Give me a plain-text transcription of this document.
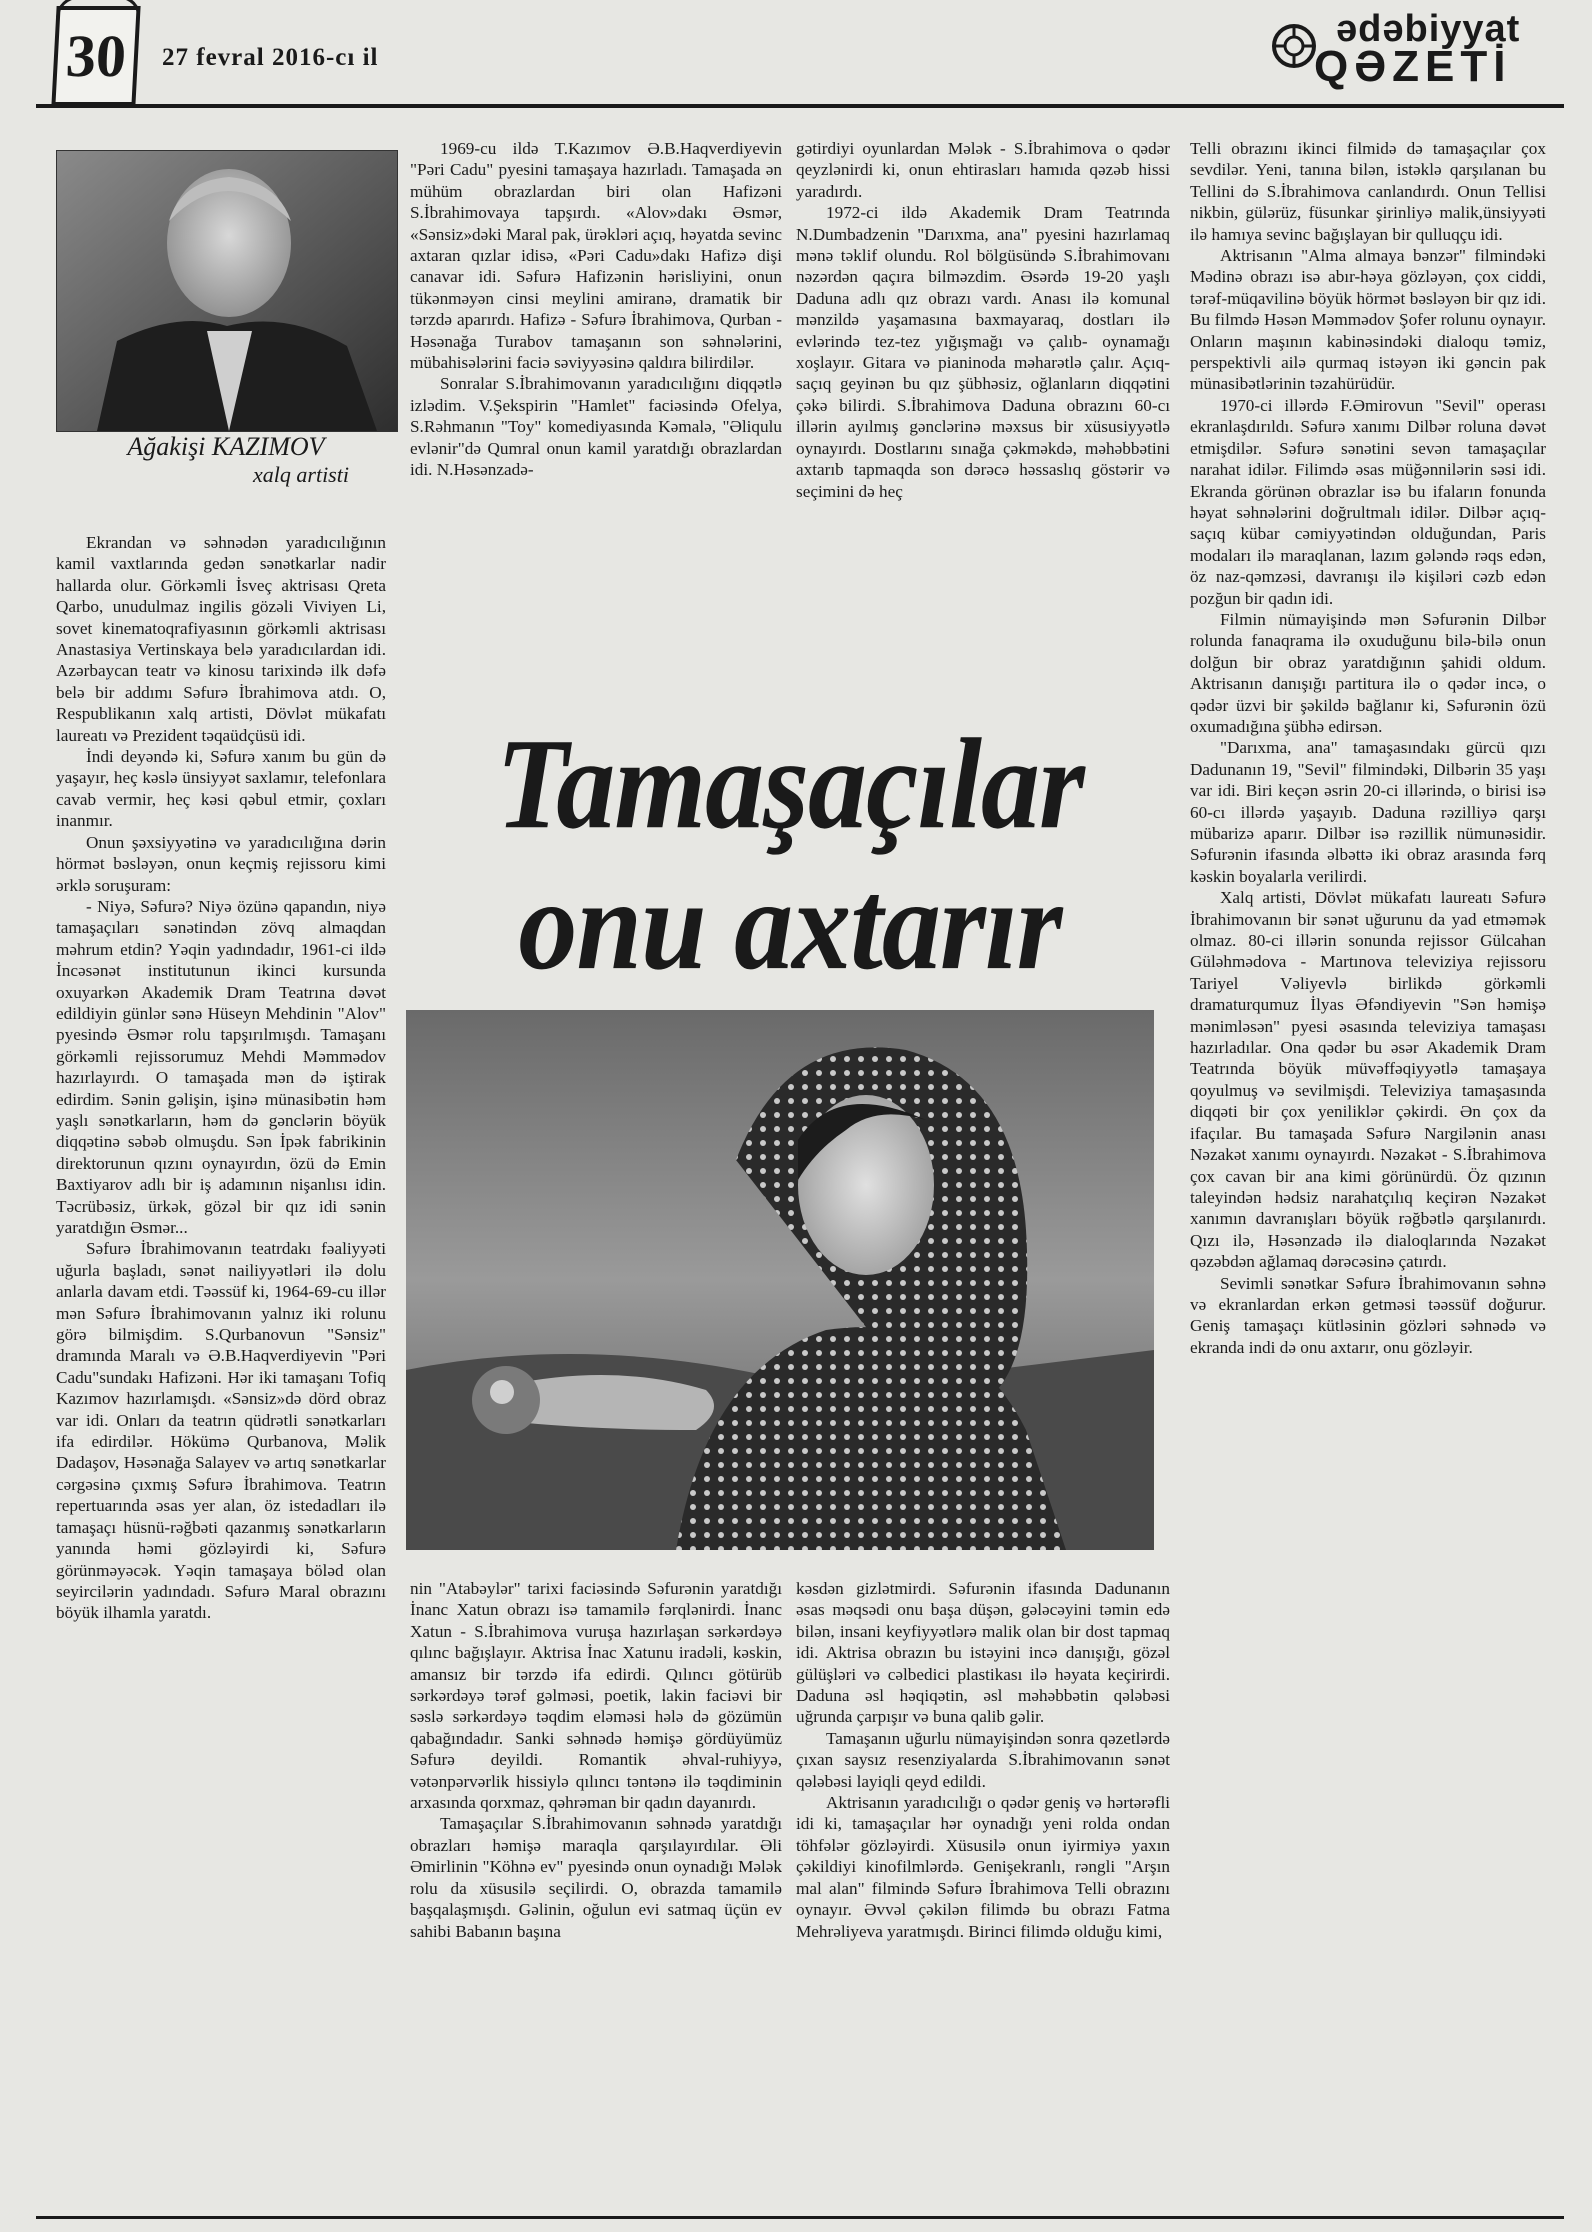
30	27 fevral 2016-cı il
ədəbiyyat
QƏZETİ
Ağakişi KAZIMOV
xalq artisti

Ekrandan və səhnədən yaradıcılığının kamil vaxtlarında gedən sənətkarlar nadir hallarda olur. Görkəmli İsveç aktrisası Qreta Qarbo, unudulmaz ingilis gözəli Viviyen Li, sovet kinematoqrafiyasının görkəmli aktrisası Anastasiya Vertinskaya belə yaradıcılardan idi. Azərbaycan teatr və kinosu tarixində ilk dəfə belə bir addımı Səfurə İbrahimova atdı. O, Respublikanın xalq artisti, Dövlət mükafatı laureatı və Prezident təqaüdçüsü idi.

İndi deyəndə ki, Səfurə xanım bu gün də yaşayır, heç kəslə ünsiyyət saxlamır, telefonlara cavab vermir, heç kəsi qəbul etmir, çoxları inanmır.

Onun şəxsiyyətinə və yaradıcılığına dərin hörmət bəsləyən, onun keçmiş rejissoru kimi ərklə soruşuram:

- Niyə, Səfurə? Niyə özünə qapandın, niyə tamaşaçıları sənətindən zövq almaqdan məhrum etdin? Yəqin yadındadır, 1961-ci ildə İncəsənət institutunun ikinci kursunda oxuyarkən Akademik Dram Teatrına dəvət edildiyin günlər sənə Hüseyn Mehdinin "Alov" pyesində Əsmər rolu tapşırılmışdı. Tamaşanı görkəmli rejissorumuz Mehdi Məmmədov hazırlayırdı. O tamaşada mən də iştirak edirdim. Sənin gəlişin, işinə münasibətin həm yaşlı sənətkarların, həm də gənclərin böyük diqqətinə səbəb olmuşdu. Sən İpək fabrikinin direktorunun qızını oynayırdın, özü də Emin Baxtiyarov adlı bir iş adamının nişanlısı idin. Təcrübəsiz, ürkək, gözəl bir qız idi sənin yaratdığın Əsmər...

Səfurə İbrahimovanın teatrdakı fəaliyyəti uğurla başladı, sənət nailiyyətləri ilə dolu anlarla davam etdi. Təəssüf ki, 1964-69-cu illər mən Səfurə İbrahimovanın yalnız iki rolunu görə bilmişdim. S.Qurbanovun "Sənsiz" dramında Maralı və Ə.B.Haqverdiyevin "Pəri Cadu"sundakı Hafizəni. Hər iki tamaşanı Tofiq Kazımov hazırlamışdı. «Sənsiz»də dörd obraz var idi. Onları da teatrın qüdrətli sənətkarları ifa edirdilər. Hökümə Qurbanova, Məlik Dadaşov, Həsənağa Salayev və artıq sənətkarlar cərgəsinə çıxmış Səfurə İbrahimova. Teatrın repertuarında əsas yer alan, öz istedadları ilə tamaşaçı hüsnü-rəğbəti qazanmış sənətkarların yanında həmi gözləyirdi ki, Səfurə görünməyəcək. Yəqin tamaşaya böləd olan seyircilərin yadındadı. Səfurə Maral obrazını böyük ilhamla yaratdı.

1969-cu ildə T.Kazımov Ə.B.Haqverdiyevin "Pəri Cadu" pyesini tamaşaya hazırladı. Tamaşada ən mühüm obrazlardan biri olan Hafizəni S.İbrahimovaya tapşırdı. «Alov»dakı Əsmər, «Sənsiz»dəki Maral pak, ürəkləri açıq, həyatda sevinc axtaran qızlar idisə, «Pəri Cadu»dakı Hafizə dişi canavar idi. Səfurə Hafizənin hərisliyini, onun tükənməyən cinsi meylini amiranə, dramatik bir tərzdə aparırdı. Hafizə - Səfurə İbrahimova, Qurban - Həsənağa Turabov tamaşanın son səhnələrini, mübahisələrini faciə səviyyəsinə qaldıra bilirdilər.

Sonralar S.İbrahimovanın yaradıcılığını diqqətlə izlədim. V.Şekspirin "Hamlet" faciəsində Ofelya, S.Rəhmanın "Toy" komediyasında Kəmalə, "Əliqulu evlənir"də Qumral onun kamil yaratdığı obrazlardan idi. N.Həsənzadə-

gətirdiyi oyunlardan Mələk - S.İbrahimova o qədər qeyzlənirdi ki, onun ehtirasları hamıda qəzəb hissi yaradırdı.

1972-ci ildə Akademik Dram Teatrında N.Dumbadzenin "Darıxma, ana" pyesini hazırlamaq mənə təklif olundu. Rol bölgüsündə S.İbrahimovanı nəzərdən qaçıra bilməzdim. Əsərdə 19-20 yaşlı Daduna adlı qız obrazı vardı. Anası ilə komunal mənzildə yaşamasına baxmayaraq, dostları ilə evlərində tez-tez yığışmağı və çalıb- oynamağı xoşlayır. Gitara və pianinoda məharətlə çalır. Açıq-saçıq geyinən bu qız şübhəsiz, oğlanların diqqətini çəkə bilirdi. S.İbrahimova Daduna obrazını 60-cı illərin ayılmış gənclərinə məxsus bir xüsusiyyətlə oynayırdı. Dostlarını sınağa çəkməkdə, məhəbbətini axtarıb tapmaqda son dərəcə həssaslıq göstərir və seçimini də heç

Tamaşaçılar
onu axtarır

nin "Atabəylər" tarixi faciəsində Səfurənin yaratdığı İnanc Xatun obrazı isə tamamilə fərqlənirdi. İnanc Xatun - S.İbrahimova vuruşa hazırlaşan sərkərdəyə qılınc bağışlayır. Aktrisa İnac Xatunu iradəli, kəskin, amansız bir tərzdə ifa edirdi. Qılıncı götürüb sərkərdəyə tərəf gəlməsi, poetik, lakin faciəvi bir səslə sərkərdəyə təqdim eləməsi hələ də gözümün qabağındadır. Sanki səhnədə həmişə gördüyümüz Səfurə deyildi. Romantik əhval-ruhiyyə, vətənpərvərlik hissiylə qılıncı təntənə ilə təqdiminin arxasında qorxmaz, qəhrəman bir qadın dayanırdı.

Tamaşaçılar S.İbrahimovanın səhnədə yaratdığı obrazları həmişə maraqla qarşılayırdılar. Əli Əmirlinin "Köhnə ev" pyesində onun oynadığı Mələk rolu da xüsusilə seçilirdi. O, obrazda tamamilə başqalaşmışdı. Gəlinin, oğulun evi satmaq üçün ev sahibi Babanın başına

kəsdən gizlətmirdi. Səfurənin ifasında Dadunanın əsas məqsədi onu başa düşən, gələcəyini təmin edə bilən, insani keyfiyyətlərə malik olan bir dost tapmaq idi. Aktrisa obrazın bu istəyini incə danışığı, gözəl gülüşləri və cəlbedici plastikası ilə həyata keçirirdi. Daduna əsl həqiqətin, əsl məhəbbətin qələbəsi uğrunda çarpışır və buna qalib gəlir.

Tamaşanın uğurlu nümayişindən sonra qəzetlərdə çıxan saysız resenziyalarda S.İbrahimovanın sənət qələbəsi layiqli qeyd edildi.

Aktrisanın yaradıcılığı o qədər geniş və hərtərəfli idi ki, tamaşaçılar hər oynadığı yeni rolda ondan töhfələr gözləyirdi. Xüsusilə onun iyirmiyə yaxın çəkildiyi kinofilmlərdə. Genişekranlı, rəngli "Arşın mal alan" filmində Səfurə İbrahimova Telli obrazını oynayır. Əvvəl çəkilən filimdə bu obrazı Fatma Mehrəliyeva yaratmışdı. Birinci filimdə olduğu kimi,

Telli obrazını ikinci filmidə də tamaşaçılar çox sevdilər. Yeni, tanına bilən, istəklə qarşılanan bu Tellini də S.İbrahimova canlandırdı. Onun Tellisi nikbin, gülərüz, füsunkar şirinliyə malik,ünsiyyəti ilə hamıya sevinc bağışlayan bir qulluqçu idi.

Aktrisanın "Alma almaya bənzər" filmindəki Mədinə obrazı isə abır-həya gözləyən, çox ciddi, tərəf-müqavilinə böyük hörmət bəsləyən bir qız idi. Bu filmdə Həsən Məmmədov Şofer rolunu oynayır. Onların maşının kabinəsindəki dialoqu təmiz, perspektivli ailə qurmaq istəyən iki gəncin pak münasibətlərinin təzahürüdür.

1970-ci illərdə F.Əmirovun "Sevil" operası ekranlaşdırıldı. Səfurə xanımı Dilbər roluna dəvət etmişdilər. Səfurə sənətini sevən tamaşaçılar narahat idilər. Filimdə əsas müğənnilərin səsi idi. Ekranda görünən obrazlar isə bu ifaların fonunda həyat səhnələrini doğrultmalı idilər. Dilbər açıq-saçıq kübar cəmiyyətindən olduğundan, Paris modaları ilə maraqlanan, lazım gələndə rəqs edən, öz naz-qəmzəsi, davranışı ilə kişiləri cəzb edən pozğun bir qadın idi.

Filmin nümayişində mən Səfurənin Dilbər rolunda fanaqrama ilə oxuduğunu bilə-bilə onun dolğun bir obraz yaratdığının şahidi oldum. Aktrisanın danışığı partitura ilə o qədər incə, o qədər üzvi bir şəkildə bağlanır ki, Səfurənin özü oxumadığına şübhə edirsən.

"Darıxma, ana" tamaşasındakı gürcü qızı Dadunanın 19, "Sevil" filmindəki, Dilbərin 35 yaşı var idi. Biri keçən əsrin 20-ci illərində, o birisi isə 60-cı illərdə yaşayıb. Daduna rəzilliyə qarşı mübarizə aparır. Dilbər isə rəzillik nümunəsidir. Səfurənin ifasında əlbəttə iki obraz arasında fərq kəskin boyalarla verilirdi.

Xalq artisti, Dövlət mükafatı laureatı Səfurə İbrahimovanın bir sənət uğurunu da yad etməmək olmaz. 80-ci illərin sonunda rejissor Gülcahan Güləhmədova - Martınova televiziya rejissoru Tariyel Vəliyevlə birlikdə görkəmli dramaturqumuz İlyas Əfəndiyevin "Sən həmişə mənimləsən" pyesi əsasında televiziya tamaşası hazırladılar. Ona qədər bu əsər Akademik Dram Teatrında böyük müvəffəqiyyətlə tamaşaya qoyulmuş və sevilmişdi. Televiziya tamaşasında diqqəti bir çox yeniliklər çəkirdi. Ən çox da ifaçılar. Bu tamaşada Səfurə Nargilənin anası Nəzakət xanımı oynayırdı. Nəzakət - S.İbrahimova çox cavan bir ana kimi görünürdü. Öz qızının taleyindən hədsiz narahatçılıq keçirən Nəzakət xanımın davranışları böyük rəğbətlə qarşılanırdı. Qızı ilə, Həsənzadə ilə dialoqlarında Nəzakət qəzəbdən ağlamaq dərəcəsinə çatırdı.

Sevimli sənətkar Səfurə İbrahimovanın səhnə və ekranlardan erkən getməsi təəssüf doğurur. Geniş tamaşaçı kütləsinin gözləri səhnədə və ekranda indi də onu axtarır, onu gözləyir.
